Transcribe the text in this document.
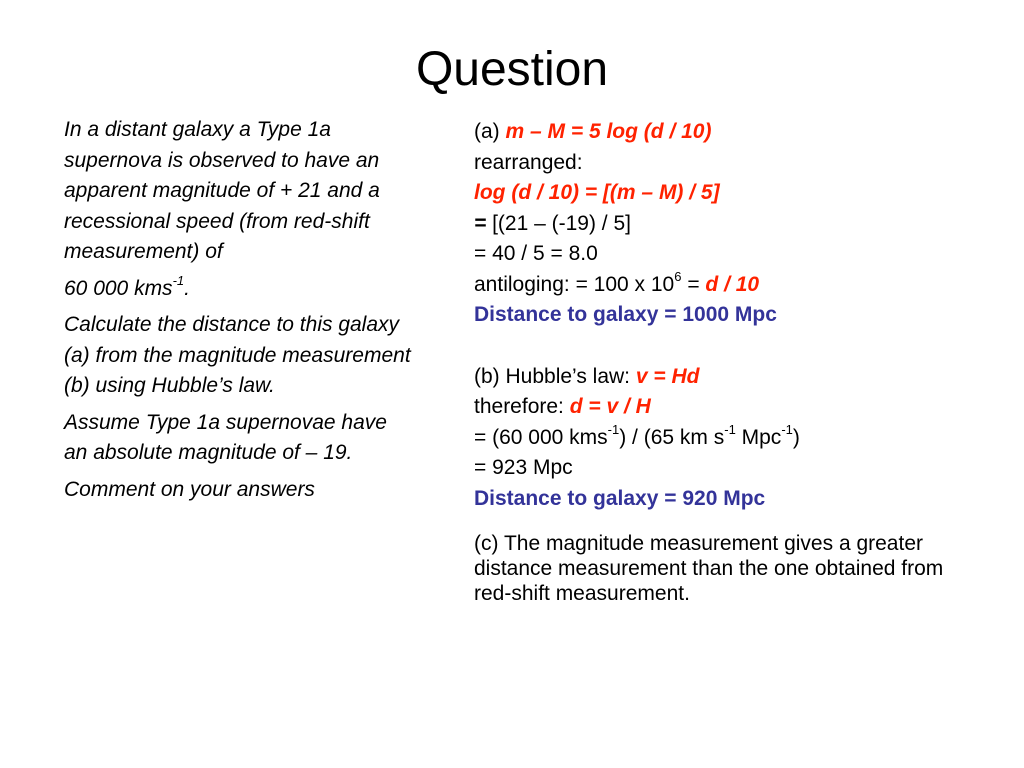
Question

In a distant galaxy a Type 1a supernova is observed to have an apparent magnitude of + 21 and a recessional speed (from red-shift measurement) of

60 000 kms$^{-1}$.

Calculate the distance to this galaxy (a) from the magnitude measurement (b) using Hubble’s law.

Assume Type 1a supernovae have an absolute magnitude of – 19.

Comment on your answers

(a) m – M = 5 log (d / 10)
rearranged:
log (d / 10) = [(m – M) / 5]
= [(21 – (-19) / 5]
= 40 / 5 = 8.0
antiloging: = 100 x $10^6 = d / 10$
Distance to galaxy = 1000 Mpc
(b) Hubble’s law: v = Hd
therefore: d = v / H
= (60 000 kms$^{-1}$) / (65 km $s^{-1}$ Mpc$^{-1}$)
= 923 Mpc
Distance to galaxy = 920 Mpc
(c) The magnitude measurement gives a greater distance measurement than the one obtained from red-shift measurement.
